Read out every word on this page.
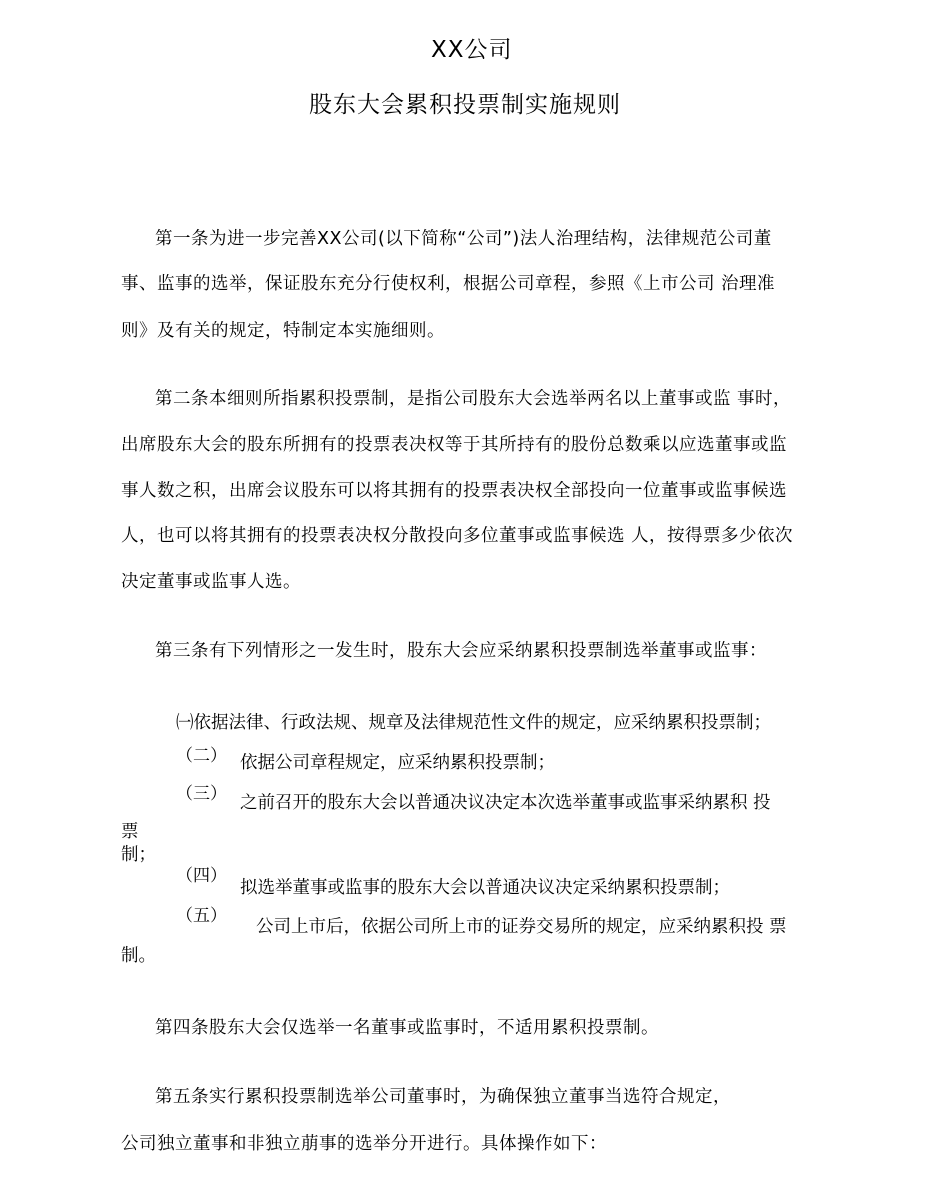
XX公司
股东大会累积投票制实施规则
第一条为进一步完善XX公司(以下简称“公司”)法人治理结构，法律规范公司董
事、监事的选举，保证股东充分行使权利，根据公司章程，参照《上市公司 治理准
则》及有关的规定，特制定本实施细则。
第二条本细则所指累积投票制，是指公司股东大会选举两名以上董事或监 事时，
出席股东大会的股东所拥有的投票表决权等于其所持有的股份总数乘以应选董事或监
事人数之积，出席会议股东可以将其拥有的投票表决权全部投向一位董事或监事候选
人，也可以将其拥有的投票表决权分散投向多位董事或监事候选 人，按得票多少依次
决定董事或监事人选。
第三条有下列情形之一发生时，股东大会应采纳累积投票制选举董事或监事：
㈠依据法律、行政法规、规章及法律规范性文件的规定，应采纳累积投票制；
（二） 依据公司章程规定，应采纳累积投票制；
（三） 之前召开的股东大会以普通决议决定本次选举董事或监事采纳累积 投
票
制；
（四）
拟选举董事或监事的股东大会以普通决议决定采纳累积投票制；
（五）
公司上市后，依据公司所上市的证券交易所的规定，应采纳累积投 票
制。
第四条股东大会仅选举一名董事或监事时，不适用累积投票制。
第五条实行累积投票制选举公司董事时，为确保独立董事当选符合规定，
公司独立董事和非独立萠事的选举分开进行。具体操作如下：
